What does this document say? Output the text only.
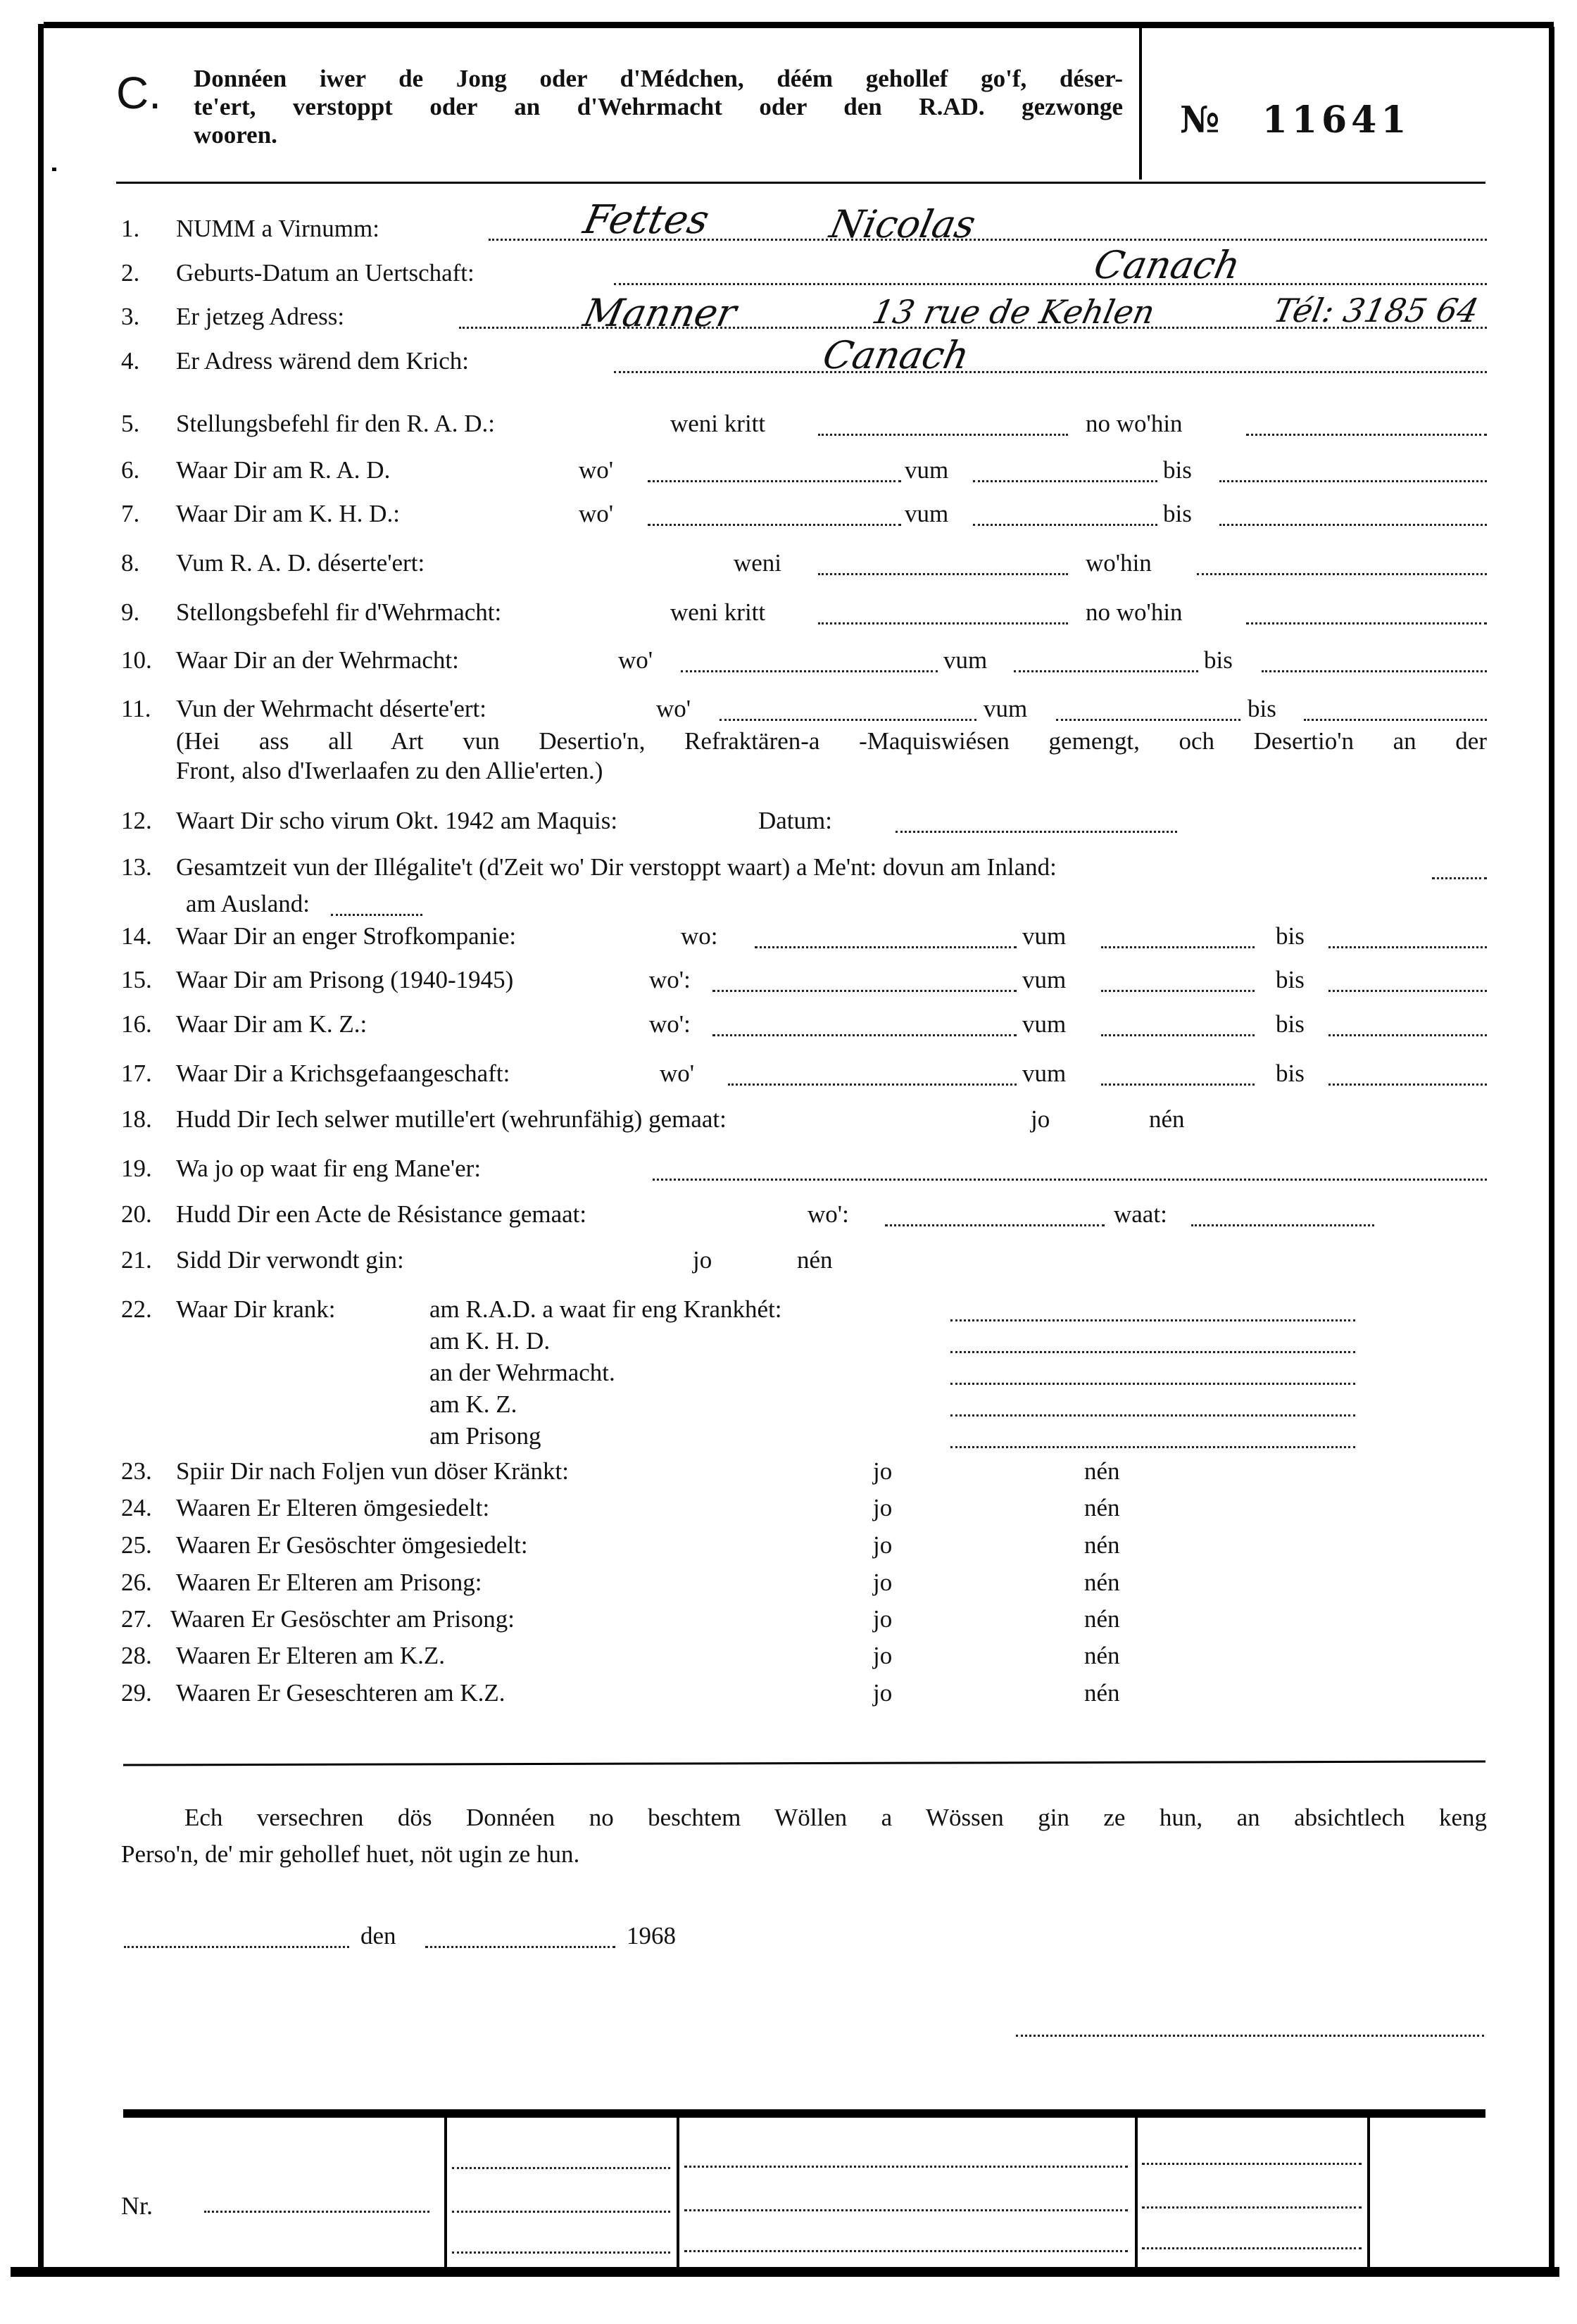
C. Donnéen iwer de Jong oder d'Médchen, déém gehollef go'f, déser-
te'ert, verstoppt oder an d'Wehrmacht oder den R.AD. gezwonge
wooren.	№ 11641
1. NUMM a Virnumm:	Fettes	Nicolas
2. Geburts-Datum an Uertschaft:	Canach
3. Er jetzeg Adress:	Manner	13 rue de Kehlen	Tél: 3185 64
4. Er Adress wärend dem Krich:	Canach
5. Stellungsbefehl fir den R. A. D.:	weni kritt	no wo'hin
6. Waar Dir am R. A. D.	wo'	vum	bis
7. Waar Dir am K. H. D.:	wo'	vum	bis
8. Vum R. A. D. déserte'ert:	weni	wo'hin
9. Stellongsbefehl fir d'Wehrmacht:	weni kritt	no wo'hin
10. Waar Dir an der Wehrmacht:	wo'	vum	bis
11. Vun der Wehrmacht déserte'ert:	wo'	vum	bis
(Hei ass all Art vun Desertio'n, Refraktären-a -Maquiswiésen gemengt, och Desertio'n an der
Front, also d'Iwerlaafen zu den Allie'erten.)
12. Waart Dir scho virum Okt. 1942 am Maquis:	Datum:
13. Gesamtzeit vun der Illégalite't (d'Zeit wo' Dir verstoppt waart) a Me'nt: dovun am Inland:
am Ausland:
14. Waar Dir an enger Strofkompanie:	wo:	vum	bis
15. Waar Dir am Prisong (1940-1945)	wo':	vum	bis
16. Waar Dir am K. Z.:	wo':	vum	bis
17. Waar Dir a Krichsgefaangeschaft:	wo'	vum	bis
18. Hudd Dir Iech selwer mutille'ert (wehrunfähig) gemaat:	jo	nén
19. Wa jo op waat fir eng Mane'er:
20. Hudd Dir een Acte de Résistance gemaat:	wo':	waat:
21. Sidd Dir verwondt gin:	jo	nén
22. Waar Dir krank:	am R.A.D. a waat fir eng Krankhét:
am K. H. D.
an der Wehrmacht.
am K. Z.
am Prisong
23. Spiir Dir nach Foljen vun döser Kränkt:	jo	nén
24. Waaren Er Elteren ömgesiedelt:	jo	nén
25. Waaren Er Gesöschter ömgesiedelt:	jo	nén
26. Waaren Er Elteren am Prisong:	jo	nén
27. Waaren Er Gesöschter am Prisong:	jo	nén
28. Waaren Er Elteren am K.Z.	jo	nén
29. Waaren Er Geseschteren am K.Z.	jo	nén
Ech versechren dös Donnéen no beschtem Wöllen a Wössen gin ze hun, an absichtlech keng
Perso'n, de' mir gehollef huet, nöt ugin ze hun.
den	1968
Nr.
